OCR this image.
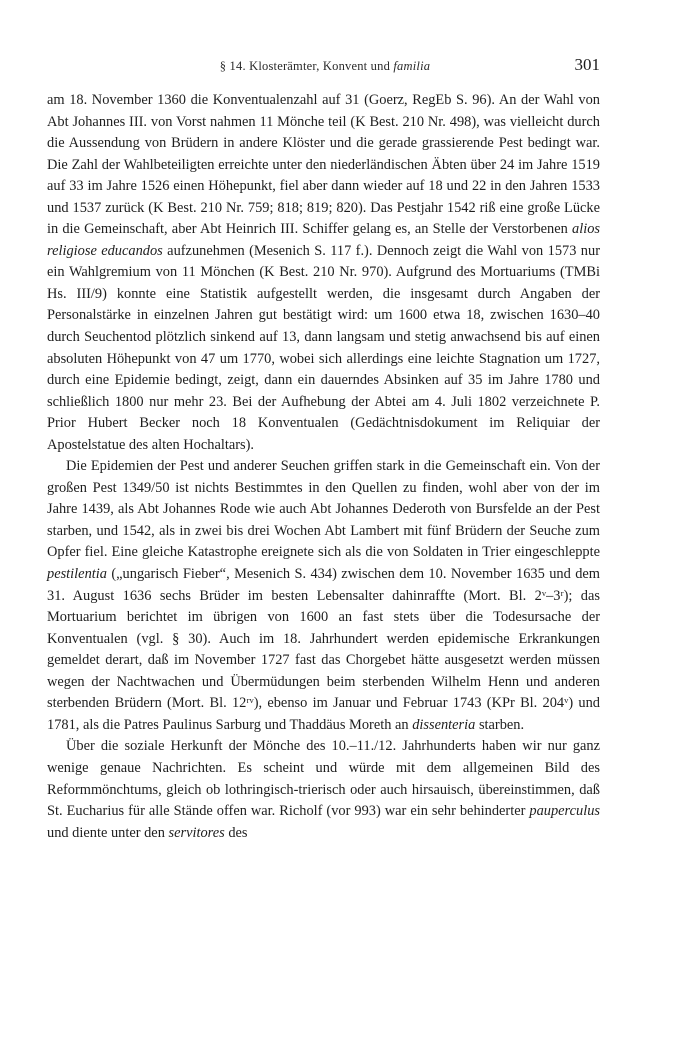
§ 14. Klosterämter, Konvent und familia	301

am 18. November 1360 die Konventualenzahl auf 31 (Goerz, RegEb S. 96). An der Wahl von Abt Johannes III. von Vorst nahmen 11 Mönche teil (K Best. 210 Nr. 498), was vielleicht durch die Aussendung von Brüdern in andere Klöster und die gerade grassierende Pest bedingt war. Die Zahl der Wahlbeteiligten erreichte unter den niederländischen Äbten über 24 im Jahre 1519 auf 33 im Jahre 1526 einen Höhepunkt, fiel aber dann wieder auf 18 und 22 in den Jahren 1533 und 1537 zurück (K Best. 210 Nr. 759; 818; 819; 820). Das Pestjahr 1542 riß eine große Lücke in die Gemeinschaft, aber Abt Heinrich III. Schiffer gelang es, an Stelle der Verstorbenen alios religiose educandos aufzunehmen (Mesenich S. 117 f.). Dennoch zeigt die Wahl von 1573 nur ein Wahlgremium von 11 Mönchen (K Best. 210 Nr. 970). Aufgrund des Mortuariums (TMBi Hs. III/9) konnte eine Statistik aufgestellt werden, die insgesamt durch Angaben der Personalstärke in einzelnen Jahren gut bestätigt wird: um 1600 etwa 18, zwischen 1630–40 durch Seuchentod plötzlich sinkend auf 13, dann langsam und stetig anwachsend bis auf einen absoluten Höhepunkt von 47 um 1770, wobei sich allerdings eine leichte Stagnation um 1727, durch eine Epidemie bedingt, zeigt, dann ein dauerndes Absinken auf 35 im Jahre 1780 und schließlich 1800 nur mehr 23. Bei der Aufhebung der Abtei am 4. Juli 1802 verzeichnete P. Prior Hubert Becker noch 18 Konventualen (Gedächtnisdokument im Reliquiar der Apostelstatue des alten Hochaltars).

Die Epidemien der Pest und anderer Seuchen griffen stark in die Gemeinschaft ein. Von der großen Pest 1349/50 ist nichts Bestimmtes in den Quellen zu finden, wohl aber von der im Jahre 1439, als Abt Johannes Rode wie auch Abt Johannes Dederoth von Bursfelde an der Pest starben, und 1542, als in zwei bis drei Wochen Abt Lambert mit fünf Brüdern der Seuche zum Opfer fiel. Eine gleiche Katastrophe ereignete sich als die von Soldaten in Trier eingeschleppte pestilentia („ungarisch Fieber“, Mesenich S. 434) zwischen dem 10. November 1635 und dem 31. August 1636 sechs Brüder im besten Lebensalter dahinraffte (Mort. Bl. 2ᵛ–3ʳ); das Mortuarium berichtet im übrigen von 1600 an fast stets über die Todesursache der Konventualen (vgl. § 30). Auch im 18. Jahrhundert werden epidemische Erkrankungen gemeldet derart, daß im November 1727 fast das Chorgebet hätte ausgesetzt werden müssen wegen der Nachtwachen und Übermüdungen beim sterbenden Wilhelm Henn und anderen sterbenden Brüdern (Mort. Bl. 12ʳᵛ), ebenso im Januar und Februar 1743 (KPr Bl. 204ᵛ) und 1781, als die Patres Paulinus Sarburg und Thaddäus Moreth an dissenteria starben.

Über die soziale Herkunft der Mönche des 10.–11./12. Jahrhunderts haben wir nur ganz wenige genaue Nachrichten. Es scheint und würde mit dem allgemeinen Bild des Reformmönchtums, gleich ob lothringisch-trierisch oder auch hirsauisch, übereinstimmen, daß St. Eucharius für alle Stände offen war. Richolf (vor 993) war ein sehr behinderter pauperculus und diente unter den servitores des
